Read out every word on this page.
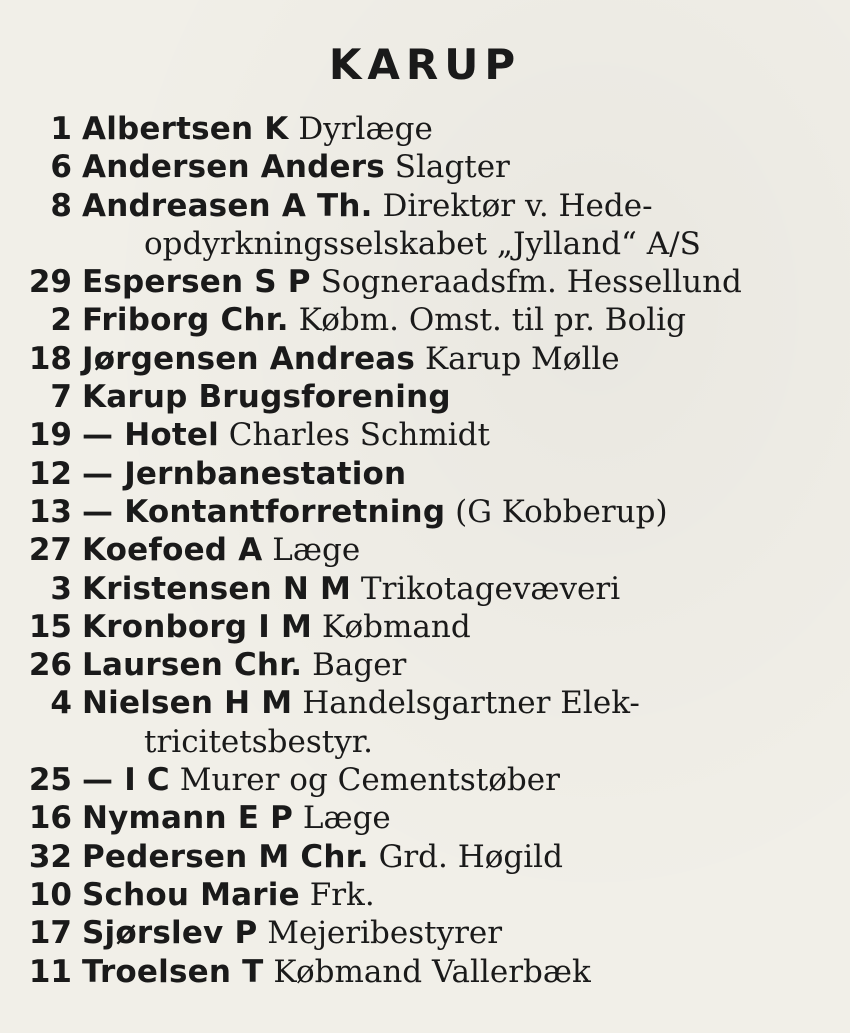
KARUP
1 Albertsen K Dyrlæge
6 Andersen Anders Slagter
8 Andreasen A Th. Direktør v. Hede-
opdyrkningsselskabet „Jylland“ A/S
29 Espersen S P Sogneraadsfm. Hessellund
2 Friborg Chr. Købm. Omst. til pr. Bolig
18 Jørgensen Andreas Karup Mølle
7 Karup Brugsforening
19 — Hotel Charles Schmidt
12 — Jernbanestation
13 — Kontantforretning (G Kobberup)
27 Koefoed A Læge
3 Kristensen N M Trikotagevæveri
15 Kronborg I M Købmand
26 Laursen Chr. Bager
4 Nielsen H M Handelsgartner Elek-
tricitetsbestyr.
25 — I C Murer og Cementstøber
16 Nymann E P Læge
32 Pedersen M Chr. Grd. Høgild
10 Schou Marie Frk.
17 Sjørslev P Mejeribestyrer
11 Troelsen T Købmand Vallerbæk
